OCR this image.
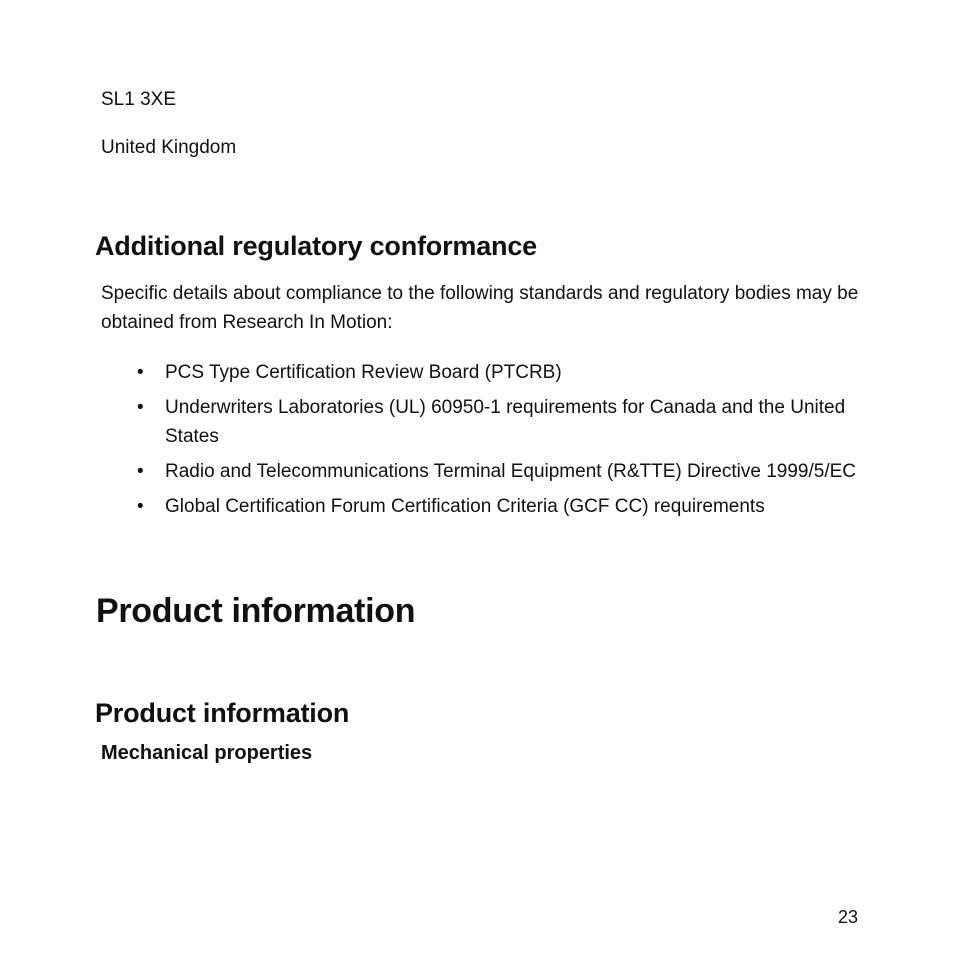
SL1 3XE
United Kingdom
Additional regulatory conformance

Specific details about compliance to the following standards and regulatory bodies may be obtained from Research In Motion:

•	PCS Type Certification Review Board (PTCRB)
•	Underwriters Laboratories (UL) 60950-1 requirements for Canada and the United States
•	Radio and Telecommunications Terminal Equipment (R&TTE) Directive 1999/5/EC
•	Global Certification Forum Certification Criteria (GCF CC) requirements
Product information
Product information
Mechanical properties
23
